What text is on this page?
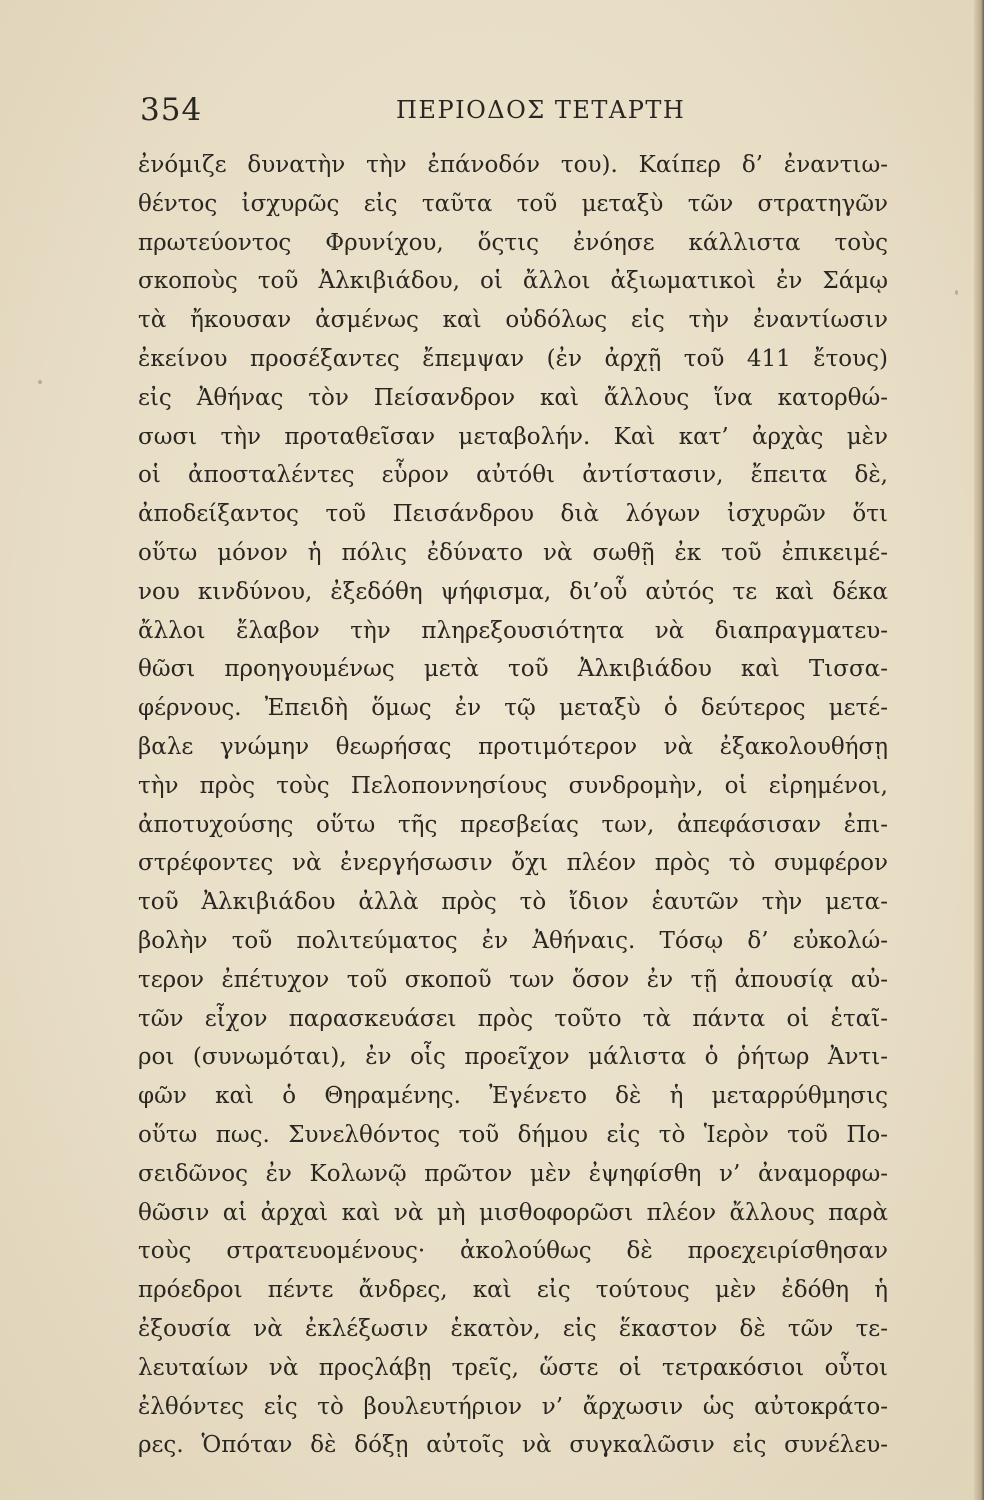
354	ΠΕΡΙΟΔΟΣ ΤΕΤΑΡΤΗ
ἐνόμιζε δυνατὴν τὴν ἐπάνοδόν του). Καίπερ δ’ ἐναντιω-
θέντος ἰσχυρῶς εἰς ταῦτα τοῦ μεταξὺ τῶν στρατηγῶν
πρωτεύοντος Φρυνίχου, ὅςτις ἐνόησε κάλλιστα τοὺς
σκοποὺς τοῦ Ἀλκιβιάδου, οἱ ἄλλοι ἀξιωματικοὶ ἐν Σάμῳ
τὰ ἤκουσαν ἀσμένως καὶ οὐδόλως εἰς τὴν ἐναντίωσιν
ἐκείνου προσέξαντες ἔπεμψαν (ἐν ἀρχῇ τοῦ 411 ἔτους)
εἰς Ἀθήνας τὸν Πείσανδρον καὶ ἄλλους ἵνα κατορθώ-
σωσι τὴν προταθεῖσαν μεταβολήν. Καὶ κατ’ ἀρχὰς μὲν
οἱ ἀποσταλέντες εὗρον αὐτόθι ἀντίστασιν, ἔπειτα δὲ,
ἀποδείξαντος τοῦ Πεισάνδρου διὰ λόγων ἰσχυρῶν ὅτι
οὕτω μόνον ἡ πόλις ἐδύνατο νὰ σωθῇ ἐκ τοῦ ἐπικειμέ-
νου κινδύνου, ἐξεδόθη ψήφισμα, δι’οὗ αὐτός τε καὶ δέκα
ἄλλοι ἔλαβον τὴν πληρεξουσιότητα νὰ διαπραγματευ-
θῶσι προηγουμένως μετὰ τοῦ Ἀλκιβιάδου καὶ Τισσα-
φέρνους. Ἐπειδὴ ὅμως ἐν τῷ μεταξὺ ὁ δεύτερος μετέ-
βαλε γνώμην θεωρήσας προτιμότερον νὰ ἐξακολουθήσῃ
τὴν πρὸς τοὺς Πελοποννησίους συνδρομὴν, οἱ εἰρημένοι,
ἀποτυχούσης οὕτω τῆς πρεσβείας των, ἀπεφάσισαν ἐπι-
στρέφοντες νὰ ἐνεργήσωσιν ὄχι πλέον πρὸς τὸ συμφέρον
τοῦ Ἀλκιβιάδου ἀλλὰ πρὸς τὸ ἴδιον ἑαυτῶν τὴν μετα-
βολὴν τοῦ πολιτεύματος ἐν Ἀθήναις. Τόσῳ δ’ εὐκολώ-
τερον ἐπέτυχον τοῦ σκοποῦ των ὅσον ἐν τῇ ἀπουσίᾳ αὐ-
τῶν εἶχον παρασκευάσει πρὸς τοῦτο τὰ πάντα οἱ ἑταῖ-
ροι (συνωμόται), ἐν οἷς προεῖχον μάλιστα ὁ ῥήτωρ Ἀντι-
φῶν καὶ ὁ Θηραμένης. Ἐγένετο δὲ ἡ μεταρρύθμησις
οὕτω πως. Συνελθόντος τοῦ δήμου εἰς τὸ Ἱερὸν τοῦ Πο-
σειδῶνος ἐν Κολωνῷ πρῶτον μὲν ἐψηφίσθη ν’ ἀναμορφω-
θῶσιν αἱ ἀρχαὶ καὶ νὰ μὴ μισθοφορῶσι πλέον ἄλλους παρὰ
τοὺς στρατευομένους· ἀκολούθως δὲ προεχειρίσθησαν
πρόεδροι πέντε ἄνδρες, καὶ εἰς τούτους μὲν ἐδόθη ἡ
ἐξουσία νὰ ἐκλέξωσιν ἑκατὸν, εἰς ἕκαστον δὲ τῶν τε-
λευταίων νὰ προςλάβῃ τρεῖς, ὥστε οἱ τετρακόσιοι οὗτοι
ἐλθόντες εἰς τὸ βουλευτήριον ν’ ἄρχωσιν ὡς αὐτοκράτο-
ρες. Ὁπόταν δὲ δόξῃ αὐτοῖς νὰ συγκαλῶσιν εἰς συνέλευ-
